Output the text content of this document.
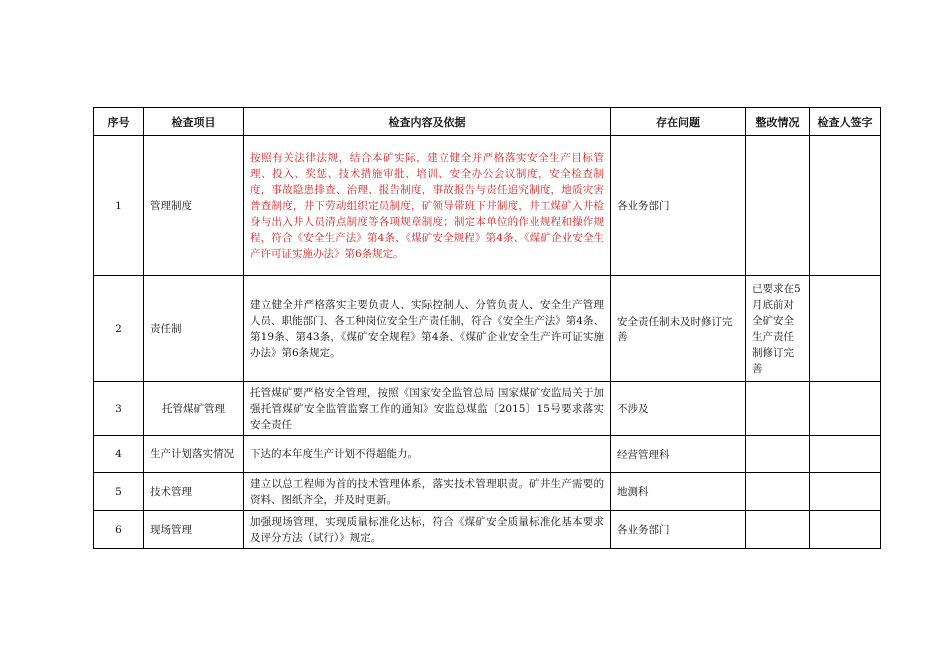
序号	检查项目	检查内容及依据	存在问题	整改情况	检查人签字
1	管理制度	按照有关法律法规，结合本矿实际，建立健全并严格落实安全生产目标管理、投入、奖惩、技术措施审批、培训、安全办公会议制度，安全检查制度，事故隐患排查、治理、报告制度，事故报告与责任追究制度，地质灾害普查制度，井下劳动组织定员制度，矿领导带班下井制度，井工煤矿入井检身与出入井人员清点制度等各项规章制度；制定本单位的作业规程和操作规程，符合《安全生产法》第4条、《煤矿安全规程》第4条、《煤矿企业安全生产许可证实施办法》第6条规定。	各业务部门		
2	责任制	建立健全并严格落实主要负责人、实际控制人、分管负责人、安全生产管理人员、职能部门、各工种岗位安全生产责任制，符合《安全生产法》第4条、第19条、第43条，《煤矿安全规程》第4条、《煤矿企业安全生产许可证实施办法》第6条规定。	安全责任制未及时修订完善	已要求在5月底前对全矿安全生产责任制修订完善	
3	托管煤矿管理	托管煤矿要严格安全管理，按照《国家安全监管总局 国家煤矿安监局关于加强托管煤矿安全监管监察工作的通知》安监总煤监〔2015〕15号要求落实安全责任	不涉及		
4	生产计划落实情况	下达的本年度生产计划不得超能力。	经营管理科		
5	技术管理	建立以总工程师为首的技术管理体系，落实技术管理职责。矿井生产需要的资料、图纸齐全，并及时更新。	地测科		
6	现场管理	加强现场管理，实现质量标准化达标，符合《煤矿安全质量标准化基本要求及评分方法（试行）》规定。	各业务部门		
